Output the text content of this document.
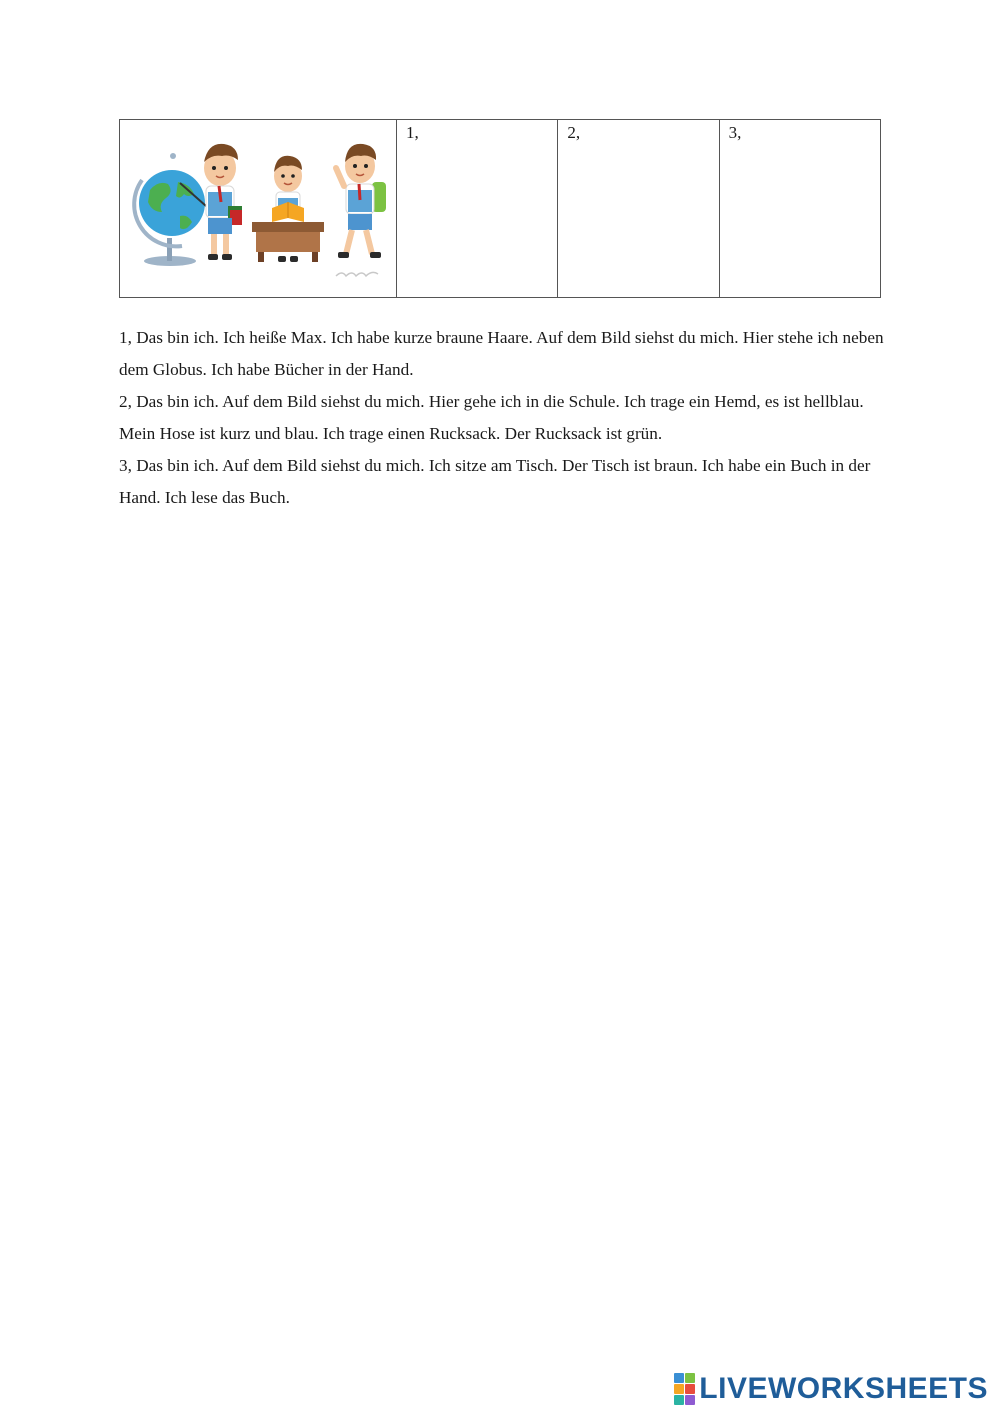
1,	2,	3,

1, Das bin ich. Ich heiße Max. Ich habe kurze braune Haare. Auf dem Bild siehst du mich. Hier stehe ich neben dem Globus. Ich habe Bücher in der Hand.

2, Das bin ich. Auf dem Bild siehst du mich. Hier gehe ich in die Schule. Ich trage ein Hemd, es ist hellblau. Mein Hose ist kurz und blau. Ich trage einen Rucksack. Der Rucksack ist grün.

3, Das bin ich. Auf dem Bild siehst du mich. Ich sitze am Tisch. Der Tisch ist braun. Ich habe ein Buch in der Hand. Ich lese das Buch.

LIVEWORKSHEETS
